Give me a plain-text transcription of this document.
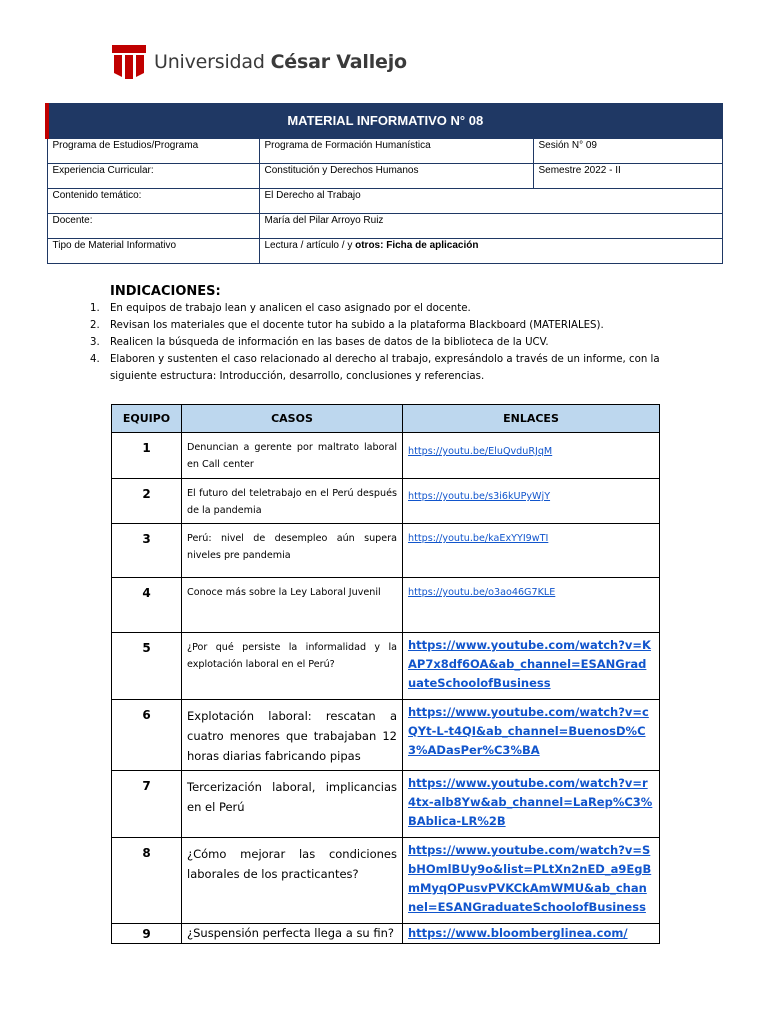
Universidad César Vallejo
MATERIAL INFORMATIVO N° 08		
Programa de Estudios/Programa	Programa de Formación Humanística	Sesión N° 09
Experiencia Curricular:	Constitución y Derechos Humanos	Semestre 2022 - II
Contenido temático:	El Derecho al Trabajo	
Docente:	María del Pilar Arroyo Ruiz	
Tipo de Material Informativo	Lectura / artículo / y otros: Ficha de aplicación	
INDICACIONES:
1. En equipos de trabajo lean y analicen el caso asignado por el docente.
2. Revisan los materiales que el docente tutor ha subido a la plataforma Blackboard (MATERIALES).
3. Realicen la búsqueda de información en las bases de datos de la biblioteca de la UCV.
4. Elaboren y sustenten el caso relacionado al derecho al trabajo, expresándolo a través de un informe, con la siguiente estructura: Introducción, desarrollo, conclusiones y referencias.
EQUIPO	CASOS	ENLACES
1	Denuncian a gerente por maltrato laboral en Call center	https://youtu.be/EluQvduRJqM
2	El futuro del teletrabajo en el Perú después de la pandemia	https://youtu.be/s3i6kUPyWjY
3	Perú: nivel de desempleo aún supera niveles pre pandemia	https://youtu.be/kaExYYI9wTI
4	Conoce más sobre la Ley Laboral Juvenil	https://youtu.be/o3ao46G7KLE
5	¿Por qué persiste la informalidad y la explotación laboral en el Perú?	https://www.youtube.com/watch?v=KAP7x8df6OA&ab_channel=ESANGraduateSchoolofBusiness
6	Explotación laboral: rescatan a cuatro menores que trabajaban 12 horas diarias fabricando pipas	https://www.youtube.com/watch?v=cQYt-L-t4QI&ab_channel=BuenosD%C3%ADasPer%C3%BA
7	Tercerización laboral, implicancias en el Perú	https://www.youtube.com/watch?v=r4tx-alb8Yw&ab_channel=LaRep%C3%BAblica-LR%2B
8	¿Cómo mejorar las condiciones laborales de los practicantes?	https://www.youtube.com/watch?v=SbHOmlBUy9o&list=PLtXn2nED_a9EgBmMyqOPusvPVKCkAmWMU&ab_channel=ESANGraduateSchoolofBusiness
9	¿Suspensión perfecta llega a su fin?	https://www.bloomberglinea.com/
